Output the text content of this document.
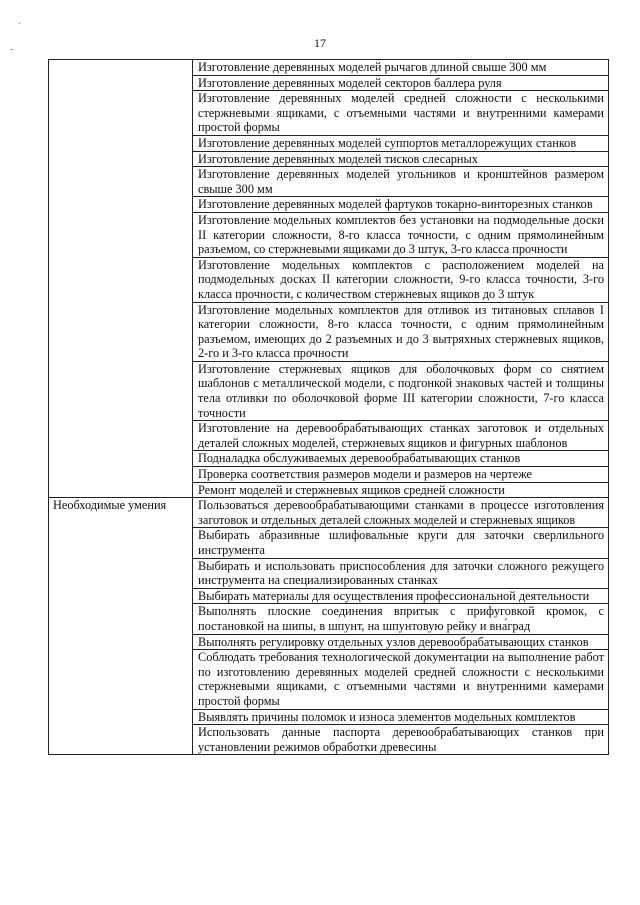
.
-	17
	Изготовление деревянных моделей рычагов длиной свыше 300 мм
	Изготовление деревянных моделей секторов баллера руля
	Изготовление деревянных моделей средней сложности с несколькими стержневыми ящиками, с отъемными частями и внутренними камерами простой формы
	Изготовление деревянных моделей суппортов металлорежущих станков
	Изготовление деревянных моделей тисков слесарных
	Изготовление деревянных моделей угольников и кронштейнов размером свыше 300 мм
	Изготовление деревянных моделей фартуков токарно-винторезных станков
	Изготовление модельных комплектов без установки на подмодельные доски II категории сложности, 8-го класса точности, с одним прямолинейным разъемом, со стержневыми ящиками до 3 штук, 3-го класса прочности
	Изготовление модельных комплектов с расположением моделей на подмодельных досках II категории сложности, 9-го класса точности, 3-го класса прочности, с количеством стержневых ящиков до 3 штук
	Изготовление модельных комплектов для отливок из титановых сплавов I категории сложности, 8-го класса точности, с одним прямолинейным разъемом, имеющих до 2 разъемных и до 3 вытряхных стержневых ящиков, 2-го и 3-го класса прочности
	Изготовление стержневых ящиков для оболочковых форм со снятием шаблонов с металлической модели, с подгонкой знаковых частей и толщины тела отливки по оболочковой форме III категории сложности, 7-го класса точности
	Изготовление на деревообрабатывающих станках заготовок и отдельных деталей сложных моделей, стержневых ящиков и фигурных шаблонов
	Подналадка обслуживаемых деревообрабатывающих станков
	Проверка соответствия размеров модели и размеров на чертеже
	Ремонт моделей и стержневых ящиков средней сложности
Необходимые умения	Пользоваться деревообрабатывающими станками в процессе изготовления заготовок и отдельных деталей сложных моделей и стержневых ящиков
	Выбирать абразивные шлифовальные круги для заточки сверлильного инструмента
	Выбирать и использовать приспособления для заточки сложного режущего инструмента на специализированных станках
	Выбирать материалы для осуществления профессиональной деятельности
	Выполнять плоские соединения впритык с прифуговкой кромок, с постановкой на шипы, в шпунт, на шпунтовую рейку и вна́град
	Выполнять регулировку отдельных узлов деревообрабатывающих станков
	Соблюдать требования технологической документации на выполнение работ по изготовлению деревянных моделей средней сложности с несколькими стержневыми ящиками, с отъемными частями и внутренними камерами простой формы
	Выявлять причины поломок и износа элементов модельных комплектов
	Использовать данные паспорта деревообрабатывающих станков при установлении режимов обработки древесины
